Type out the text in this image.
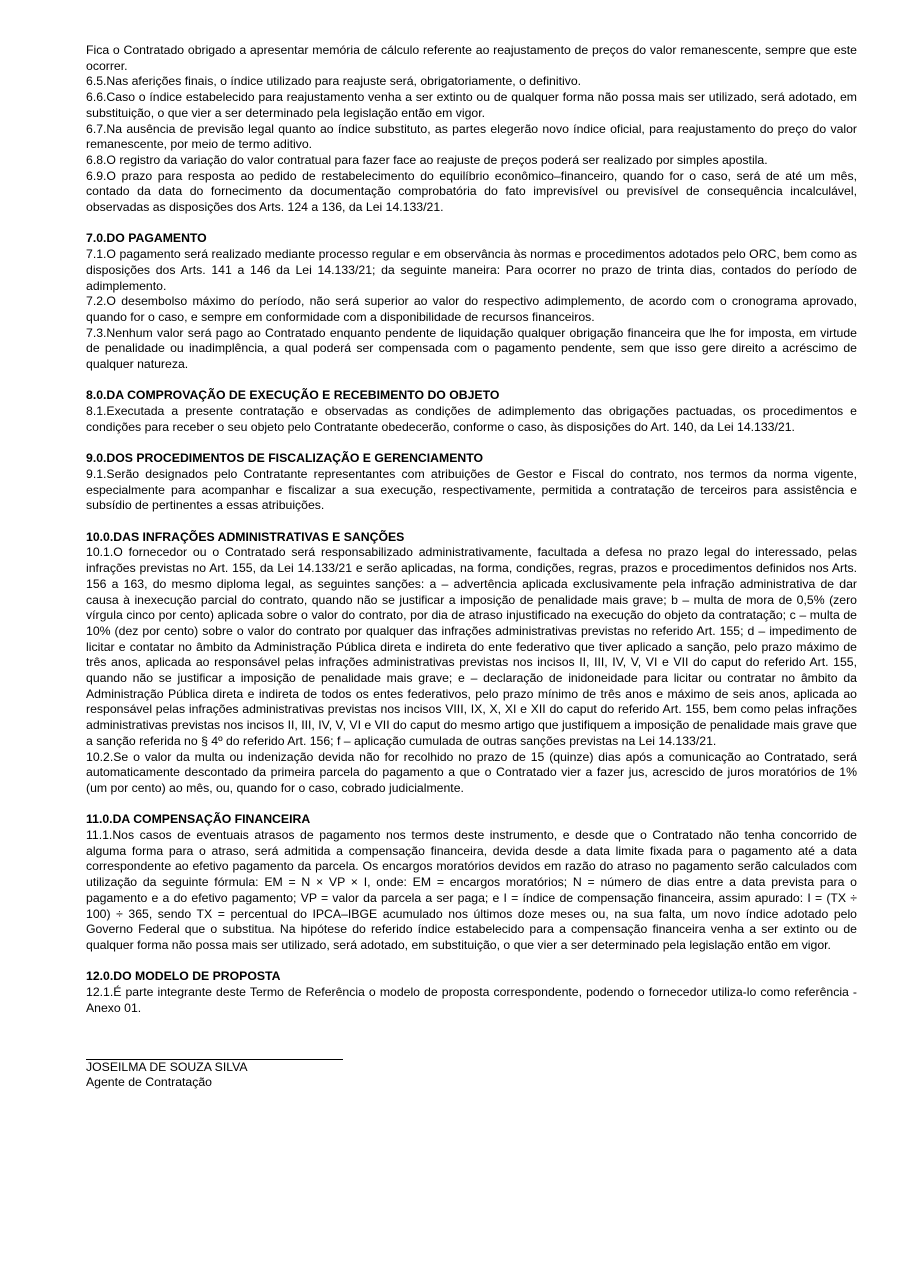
Fica o Contratado obrigado a apresentar memória de cálculo referente ao reajustamento de preços do valor remanescente, sempre que este ocorrer.

6.5.Nas aferições finais, o índice utilizado para reajuste será, obrigatoriamente, o definitivo.

6.6.Caso o índice estabelecido para reajustamento venha a ser extinto ou de qualquer forma não possa mais ser utilizado, será adotado, em substituição, o que vier a ser determinado pela legislação então em vigor.

6.7.Na ausência de previsão legal quanto ao índice substituto, as partes elegerão novo índice oficial, para reajustamento do preço do valor remanescente, por meio de termo aditivo.

6.8.O registro da variação do valor contratual para fazer face ao reajuste de preços poderá ser realizado por simples apostila.

6.9.O prazo para resposta ao pedido de restabelecimento do equilíbrio econômico–financeiro, quando for o caso, será de até um mês, contado da data do fornecimento da documentação comprobatória do fato imprevisível ou previsível de consequência incalculável, observadas as disposições dos Arts. 124 a 136, da Lei 14.133/21.

7.0.DO PAGAMENTO

7.1.O pagamento será realizado mediante processo regular e em observância às normas e procedimentos adotados pelo ORC, bem como as disposições dos Arts. 141 a 146 da Lei 14.133/21; da seguinte maneira: Para ocorrer no prazo de trinta dias, contados do período de adimplemento.

7.2.O desembolso máximo do período, não será superior ao valor do respectivo adimplemento, de acordo com o cronograma aprovado, quando for o caso, e sempre em conformidade com a disponibilidade de recursos financeiros.

7.3.Nenhum valor será pago ao Contratado enquanto pendente de liquidação qualquer obrigação financeira que lhe for imposta, em virtude de penalidade ou inadimplência, a qual poderá ser compensada com o pagamento pendente, sem que isso gere direito a acréscimo de qualquer natureza.

8.0.DA COMPROVAÇÃO DE EXECUÇÃO E RECEBIMENTO DO OBJETO

8.1.Executada a presente contratação e observadas as condições de adimplemento das obrigações pactuadas, os procedimentos e condições para receber o seu objeto pelo Contratante obedecerão, conforme o caso, às disposições do Art. 140, da Lei 14.133/21.

9.0.DOS PROCEDIMENTOS DE FISCALIZAÇÃO E GERENCIAMENTO

9.1.Serão designados pelo Contratante representantes com atribuições de Gestor e Fiscal do contrato, nos termos da norma vigente, especialmente para acompanhar e fiscalizar a sua execução, respectivamente, permitida a contratação de terceiros para assistência e subsídio de pertinentes a essas atribuições.

10.0.DAS INFRAÇÕES ADMINISTRATIVAS E SANÇÕES

10.1.O fornecedor ou o Contratado será responsabilizado administrativamente, facultada a defesa no prazo legal do interessado, pelas infrações previstas no Art. 155, da Lei 14.133/21 e serão aplicadas, na forma, condições, regras, prazos e procedimentos definidos nos Arts. 156 a 163, do mesmo diploma legal, as seguintes sanções: a – advertência aplicada exclusivamente pela infração administrativa de dar causa à inexecução parcial do contrato, quando não se justificar a imposição de penalidade mais grave; b – multa de mora de 0,5% (zero vírgula cinco por cento) aplicada sobre o valor do contrato, por dia de atraso injustificado na execução do objeto da contratação; c – multa de 10% (dez por cento) sobre o valor do contrato por qualquer das infrações administrativas previstas no referido Art. 155; d – impedimento de licitar e contatar no âmbito da Administração Pública direta e indireta do ente federativo que tiver aplicado a sanção, pelo prazo máximo de três anos, aplicada ao responsável pelas infrações administrativas previstas nos incisos II, III, IV, V, VI e VII do caput do referido Art. 155, quando não se justificar a imposição de penalidade mais grave; e – declaração de inidoneidade para licitar ou contratar no âmbito da Administração Pública direta e indireta de todos os entes federativos, pelo prazo mínimo de três anos e máximo de seis anos, aplicada ao responsável pelas infrações administrativas previstas nos incisos VIII, IX, X, XI e XII do caput do referido Art. 155, bem como pelas infrações administrativas previstas nos incisos II, III, IV, V, VI e VII do caput do mesmo artigo que justifiquem a imposição de penalidade mais grave que a sanção referida no § 4º do referido Art. 156; f – aplicação cumulada de outras sanções previstas na Lei 14.133/21.

10.2.Se o valor da multa ou indenização devida não for recolhido no prazo de 15 (quinze) dias após a comunicação ao Contratado, será automaticamente descontado da primeira parcela do pagamento a que o Contratado vier a fazer jus, acrescido de juros moratórios de 1% (um por cento) ao mês, ou, quando for o caso, cobrado judicialmente.

11.0.DA COMPENSAÇÃO FINANCEIRA

11.1.Nos casos de eventuais atrasos de pagamento nos termos deste instrumento, e desde que o Contratado não tenha concorrido de alguma forma para o atraso, será admitida a compensação financeira, devida desde a data limite fixada para o pagamento até a data correspondente ao efetivo pagamento da parcela. Os encargos moratórios devidos em razão do atraso no pagamento serão calculados com utilização da seguinte fórmula: EM = N × VP × I, onde: EM = encargos moratórios; N = número de dias entre a data prevista para o pagamento e a do efetivo pagamento; VP = valor da parcela a ser paga; e I = índice de compensação financeira, assim apurado: I = (TX ÷ 100) ÷ 365, sendo TX = percentual do IPCA–IBGE acumulado nos últimos doze meses ou, na sua falta, um novo índice adotado pelo Governo Federal que o substitua. Na hipótese do referido índice estabelecido para a compensação financeira venha a ser extinto ou de qualquer forma não possa mais ser utilizado, será adotado, em substituição, o que vier a ser determinado pela legislação então em vigor.

12.0.DO MODELO DE PROPOSTA

12.1.É parte integrante deste Termo de Referência o modelo de proposta correspondente, podendo o fornecedor utiliza-lo como referência - Anexo 01.

JOSEILMA DE SOUZA SILVA
Agente de Contratação
